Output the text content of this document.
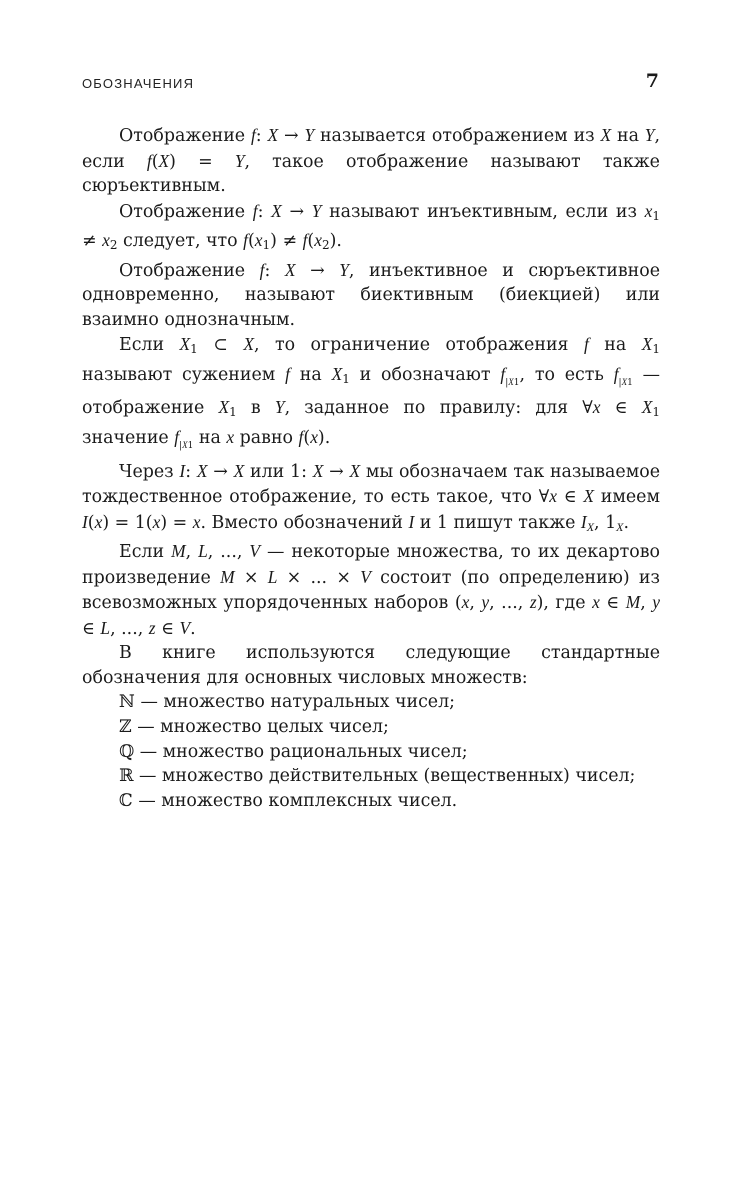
ОБОЗНАЧЕНИЯ	7

Отображение f: X → Y называется отображением из X на Y, если f(X) = Y, такое отображение называют также сюръективным.

Отображение f: X → Y называют инъективным, если из $x_1 \ne x_2$ следует, что $f(x_1) \ne f(x_2)$.

Отображение f: X → Y, инъективное и сюръективное одновременно, называют биективным (биекцией) или взаимно однозначным.

Если $X_1$ ⊂ X, то ограничение отображения f на $X_1$ называют сужением f на $X_1$ и обозначают $f_{|X1}$, то есть $f_{|X1}$ — отображение $X_1$ в Y, заданное по правилу: для ∀x ∈ $X_1$ значение $f_{|X1}$ на x равно f(x).

Через I: X → X или 1: X → X мы обозначаем так называемое тождественное отображение, то есть такое, что ∀x ∈ X имеем I(x) = 1(x) = x. Вместо обозначений I и 1 пишут также $I_X$, $1_X$.

Если M, L, ..., V — некоторые множества, то их декартово произведение M × L × ... × V состоит (по определению) из всевозможных упорядоченных наборов (x, y, ..., z), где x ∈ M, y ∈ L, ..., z ∈ V.

В книге используются следующие стандартные обозначения для основных числовых множеств:

ℕ — множество натуральных чисел;

ℤ — множество целых чисел;

ℚ — множество рациональных чисел;

ℝ — множество действительных (вещественных) чисел;

ℂ — множество комплексных чисел.
